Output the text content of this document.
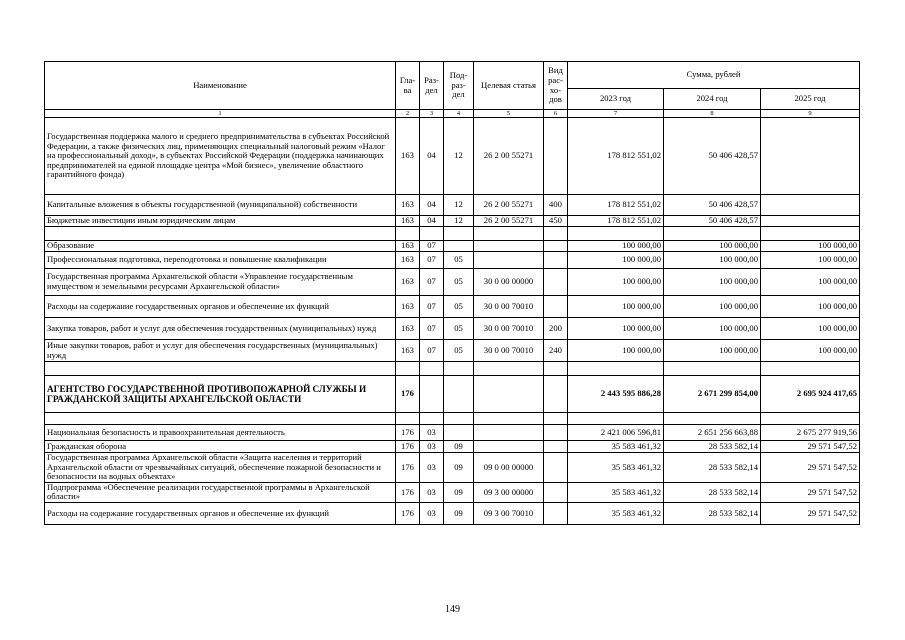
Наименование	Гла-ва	Раз-дел	Под-раз-дел	Целевая статья	Вид рас-хо-дов	Сумма, рублей		
						2023 год	2024 год	2025 год
1	2	3	4	5	6	7	8	9
Государственная поддержка малого и среднего предпринимательства в субъектах Российской Федерации, а также физических лиц, применяющих специальный налоговый режим «Налог на профессиональный доход», в субъектах Российской Федерации (поддержка начинающих предпринимателей на единой площадке центра «Мой бизнес», увеличение областного гарантийного фонда)	163	04	12	26 2 00 55271		178 812 551,02	50 406 428,57	
Капитальные вложения в объекты государственной (муниципальной) собственности	163	04	12	26 2 00 55271	400	178 812 551,02	50 406 428,57	
Бюджетные инвестиции иным юридическим лицам	163	04	12	26 2 00 55271	450	178 812 551,02	50 406 428,57	

Образование	163	07				100 000,00	100 000,00	100 000,00
Профессиональная подготовка, переподготовка и повышение квалификации	163	07	05			100 000,00	100 000,00	100 000,00
Государственная программа Архангельской области «Управление государственным имуществом и земельными ресурсами Архангельской области»	163	07	05	30 0 00 00000		100 000,00	100 000,00	100 000,00
Расходы на содержание государственных органов и обеспечение их функций	163	07	05	30 0 00 70010		100 000,00	100 000,00	100 000,00
Закупка товаров, работ и услуг для обеспечения государственных (муниципальных) нужд	163	07	05	30 0 00 70010	200	100 000,00	100 000,00	100 000,00
Иные закупки товаров, работ и услуг для обеспечения государственных (муниципальных) нужд	163	07	05	30 0 00 70010	240	100 000,00	100 000,00	100 000,00

АГЕНТСТВО ГОСУДАРСТВЕННОЙ ПРОТИВОПОЖАРНОЙ СЛУЖБЫ И ГРАЖДАНСКОЙ ЗАЩИТЫ АРХАНГЕЛЬСКОЙ ОБЛАСТИ	176					2 443 595 886,28	2 671 299 854,00	2 695 924 417,65

Национальная безопасность и правоохранительная деятельность	176	03				2 421 006 596,81	2 651 256 663,88	2 675 277 919,56
Гражданская оборона	176	03	09			35 583 461,32	28 533 582,14	29 571 547,52
Государственная программа Архангельской области «Защита населения и территорий Архангельской области от чрезвычайных ситуаций, обеспечение пожарной безопасности и безопасности на водных объектах»	176	03	09	09 0 00 00000		35 583 461,32	28 533 582,14	29 571 547,52
Подпрограмма «Обеспечение реализации государственной программы в Архангельской области»	176	03	09	09 3 00 00000		35 583 461,32	28 533 582,14	29 571 547,52
Расходы на содержание государственных органов и обеспечение их функций	176	03	09	09 3 00 70010		35 583 461,32	28 533 582,14	29 571 547,52
149
